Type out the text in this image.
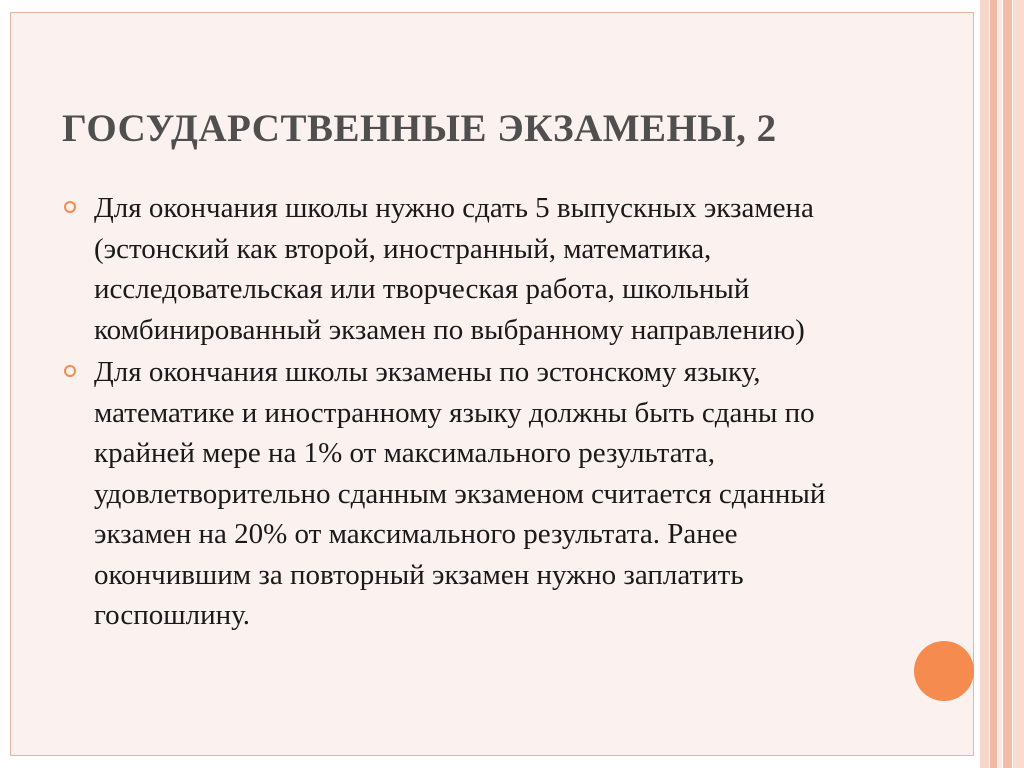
ГОСУДАРСТВЕННЫЕ ЭКЗАМЕНЫ, 2
Для окончания школы нужно сдать 5 выпускных экзамена (эстонский как второй, иностранный, математика, исследовательская или творческая работа, школьный комбинированный экзамен по выбранному направлению)
Для окончания школы экзамены по эстонскому языку, математике и иностранному языку должны быть сданы по крайней мере на 1% от максимального результата, удовлетворительно сданным экзаменом считается сданный экзамен на 20% от максимального результата. Ранее окончившим за повторный экзамен нужно заплатить госпошлину.
